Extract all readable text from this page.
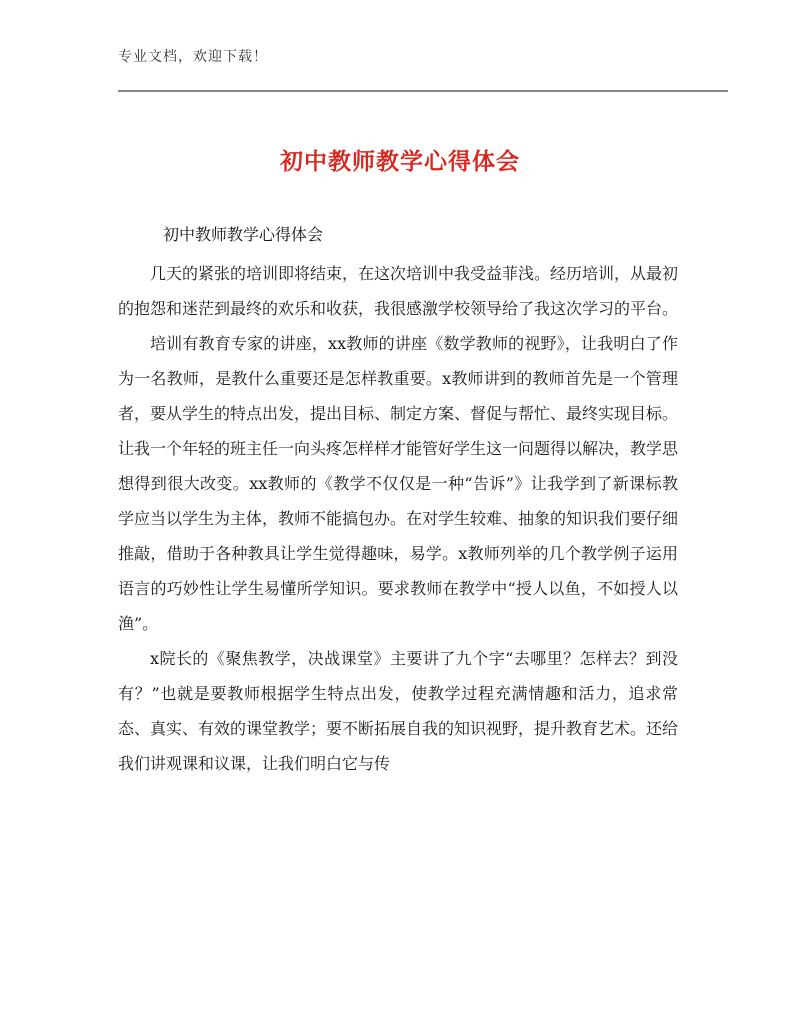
专业文档，欢迎下载！
初中教师教学心得体会
初中教师教学心得体会

几天的紧张的培训即将结束，在这次培训中我受益菲浅。经历培训，从最初的抱怨和迷茫到最终的欢乐和收获，我很感激学校领导给了我这次学习的平台。

培训有教育专家的讲座，xx教师的讲座《数学教师的视野》，让我明白了作为一名教师，是教什么重要还是怎样教重要。x教师讲到的教师首先是一个管理者，要从学生的特点出发，提出目标、制定方案、督促与帮忙、最终实现目标。让我一个年轻的班主任一向头疼怎样样才能管好学生这一问题得以解决，教学思想得到很大改变。xx教师的《教学不仅仅是一种“告诉”》让我学到了新课标教学应当以学生为主体，教师不能搞包办。在对学生较难、抽象的知识我们要仔细推敲，借助于各种教具让学生觉得趣味，易学。x教师列举的几个教学例子运用语言的巧妙性让学生易懂所学知识。要求教师在教学中“授人以鱼，不如授人以渔”。

x院长的《聚焦教学，决战课堂》主要讲了九个字“去哪里？怎样去？到没有？”也就是要教师根据学生特点出发，使教学过程充满情趣和活力，追求常态、真实、有效的课堂教学；要不断拓展自我的知识视野，提升教育艺术。还给我们讲观课和议课，让我们明白它与传
